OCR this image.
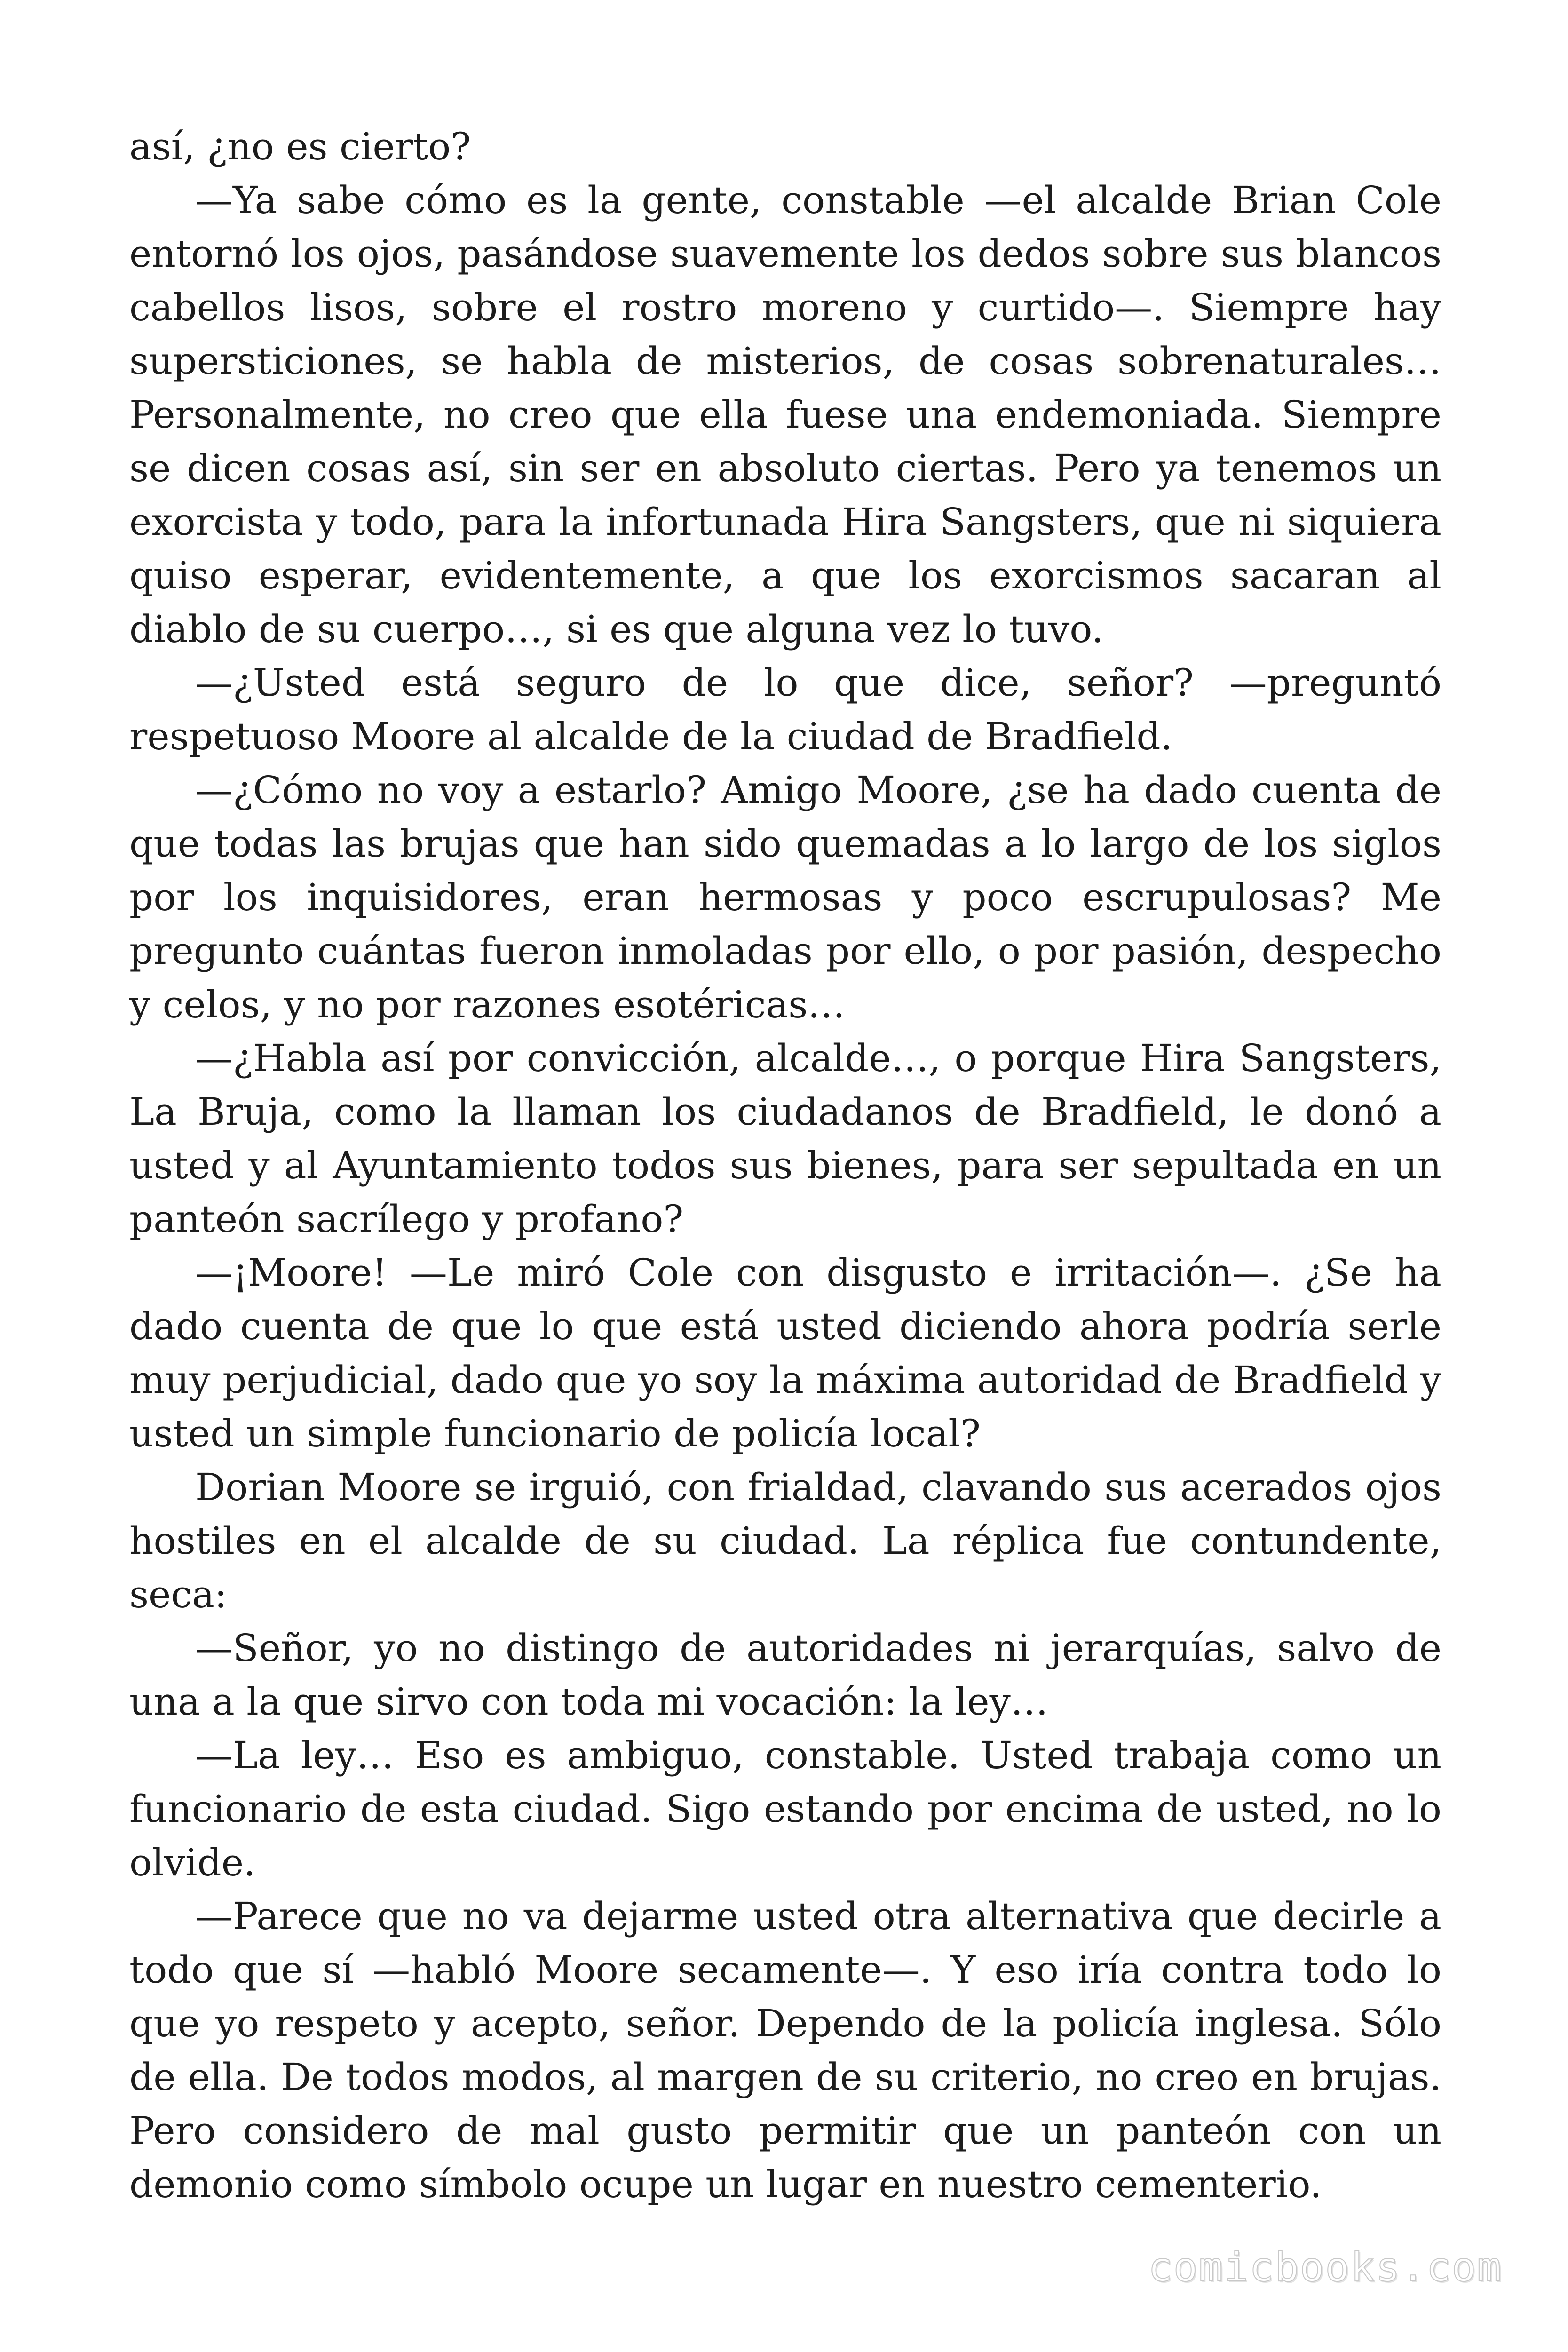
así, ¿no es cierto?

—Ya sabe cómo es la gente, constable —el alcalde Brian Cole entornó los ojos, pasándose suavemente los dedos sobre sus blancos cabellos lisos, sobre el rostro moreno y curtido—. Siempre hay supersticiones, se habla de misterios, de cosas sobrenaturales… Personalmente, no creo que ella fuese una endemoniada. Siempre se dicen cosas así, sin ser en absoluto ciertas. Pero ya tenemos un exorcista y todo, para la infortunada Hira Sangsters, que ni siquiera quiso esperar, evidentemente, a que los exorcismos sacaran al diablo de su cuerpo…, si es que alguna vez lo tuvo.

—¿Usted está seguro de lo que dice, señor? —preguntó respetuoso Moore al alcalde de la ciudad de Bradfield.

—¿Cómo no voy a estarlo? Amigo Moore, ¿se ha dado cuenta de que todas las brujas que han sido quemadas a lo largo de los siglos por los inquisidores, eran hermosas y poco escrupulosas? Me pregunto cuántas fueron inmoladas por ello, o por pasión, despecho y celos, y no por razones esotéricas…

—¿Habla así por convicción, alcalde…, o porque Hira Sangsters, La Bruja, como la llaman los ciudadanos de Bradfield, le donó a usted y al Ayuntamiento todos sus bienes, para ser sepultada en un panteón sacrílego y profano?

—¡Moore! —Le miró Cole con disgusto e irritación—. ¿Se ha dado cuenta de que lo que está usted diciendo ahora podría serle muy perjudicial, dado que yo soy la máxima autoridad de Bradfield y usted un simple funcionario de policía local?

Dorian Moore se irguió, con frialdad, clavando sus acerados ojos hostiles en el alcalde de su ciudad. La réplica fue contundente, seca:

—Señor, yo no distingo de autoridades ni jerarquías, salvo de una a la que sirvo con toda mi vocación: la ley…

—La ley… Eso es ambiguo, constable. Usted trabaja como un funcionario de esta ciudad. Sigo estando por encima de usted, no lo olvide.

—Parece que no va dejarme usted otra alternativa que decirle a todo que sí —habló Moore secamente—. Y eso iría contra todo lo que yo respeto y acepto, señor. Dependo de la policía inglesa. Sólo de ella. De todos modos, al margen de su criterio, no creo en brujas. Pero considero de mal gusto permitir que un panteón con un demonio como símbolo ocupe un lugar en nuestro cementerio.

comicbooks.com
